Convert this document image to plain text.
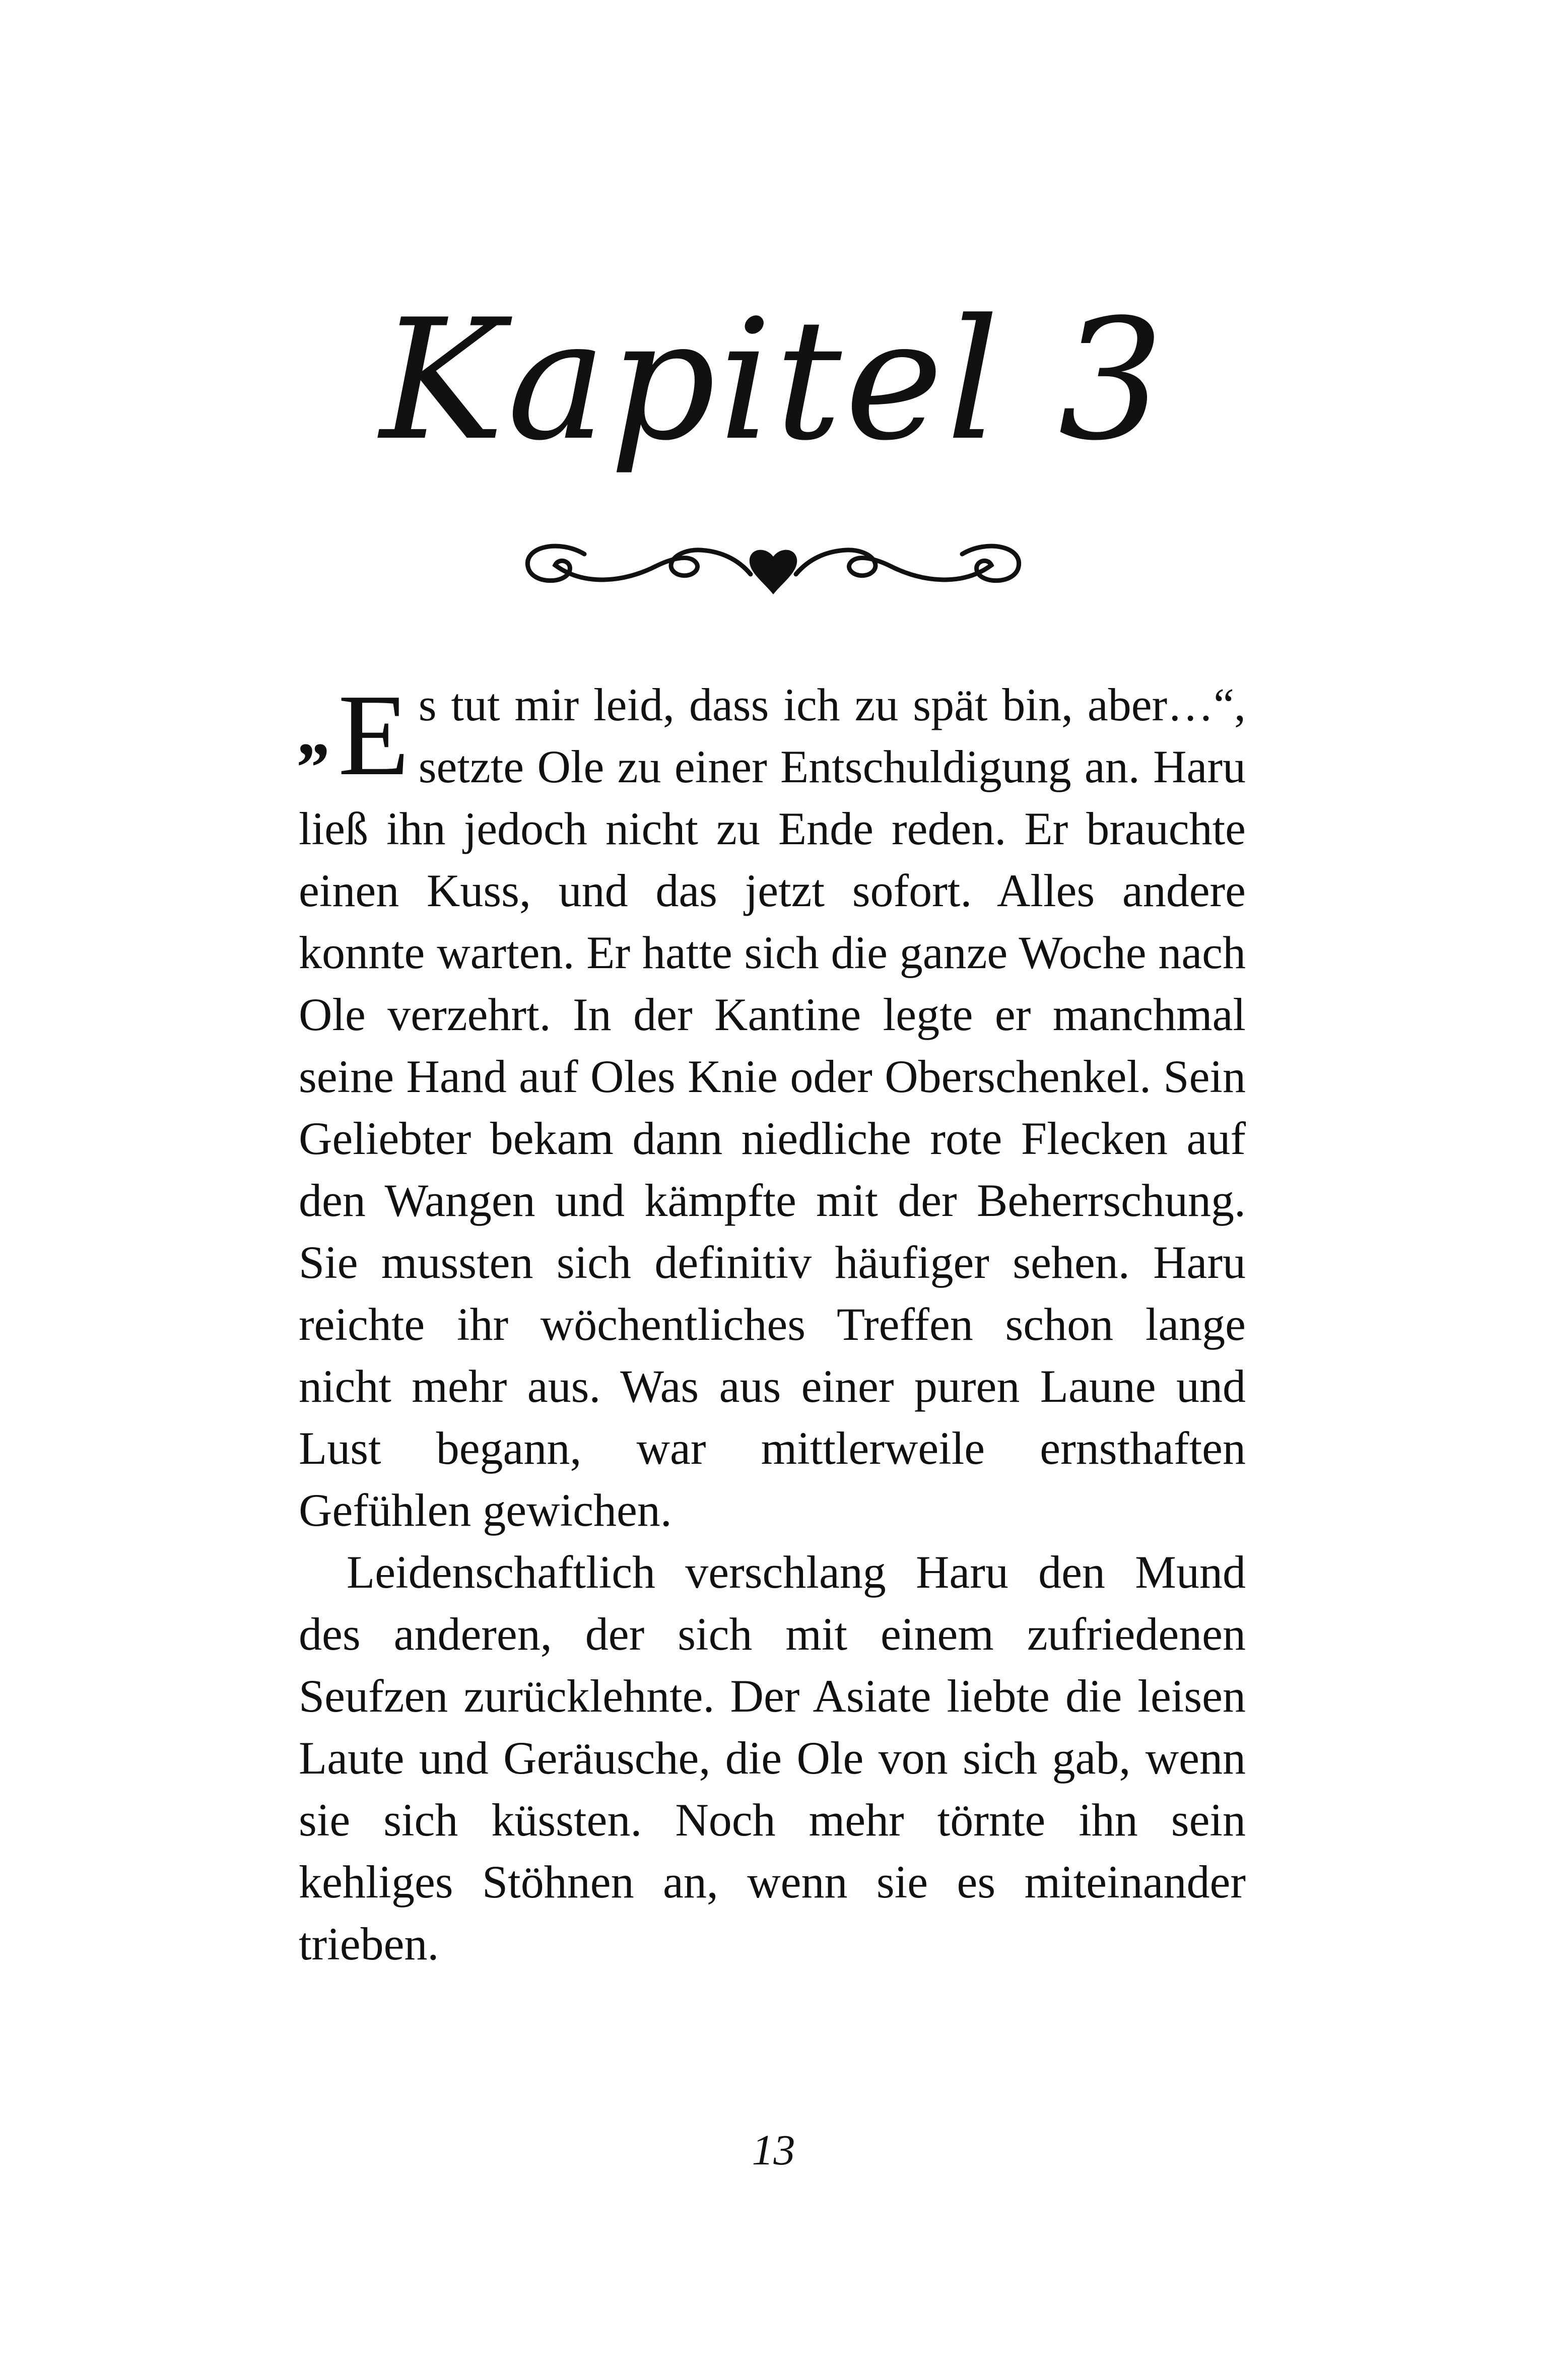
Kapitel 3

„ E s tut mir leid, dass ich zu spät bin, aber…“, setzte Ole zu einer Entschuldigung an. Haru ließ ihn jedoch nicht zu Ende reden. Er brauchte einen Kuss, und das jetzt sofort. Alles andere konnte warten. Er hatte sich die ganze Woche nach Ole verzehrt. In der Kantine legte er manchmal seine Hand auf Oles Knie oder Oberschenkel. Sein Geliebter bekam dann niedliche rote Flecken auf den Wangen und kämpfte mit der Beherrschung. Sie mussten sich definitiv häufiger sehen. Haru reichte ihr wöchentliches Treffen schon lange nicht mehr aus. Was aus einer puren Laune und Lust begann, war mittlerweile ernsthaften Gefühlen gewichen.

Leidenschaftlich verschlang Haru den Mund des anderen, der sich mit einem zufriedenen Seufzen zurücklehnte. Der Asiate liebte die leisen Laute und Geräusche, die Ole von sich gab, wenn sie sich küssten. Noch mehr törnte ihn sein kehliges Stöhnen an, wenn sie es miteinander trieben.

13
